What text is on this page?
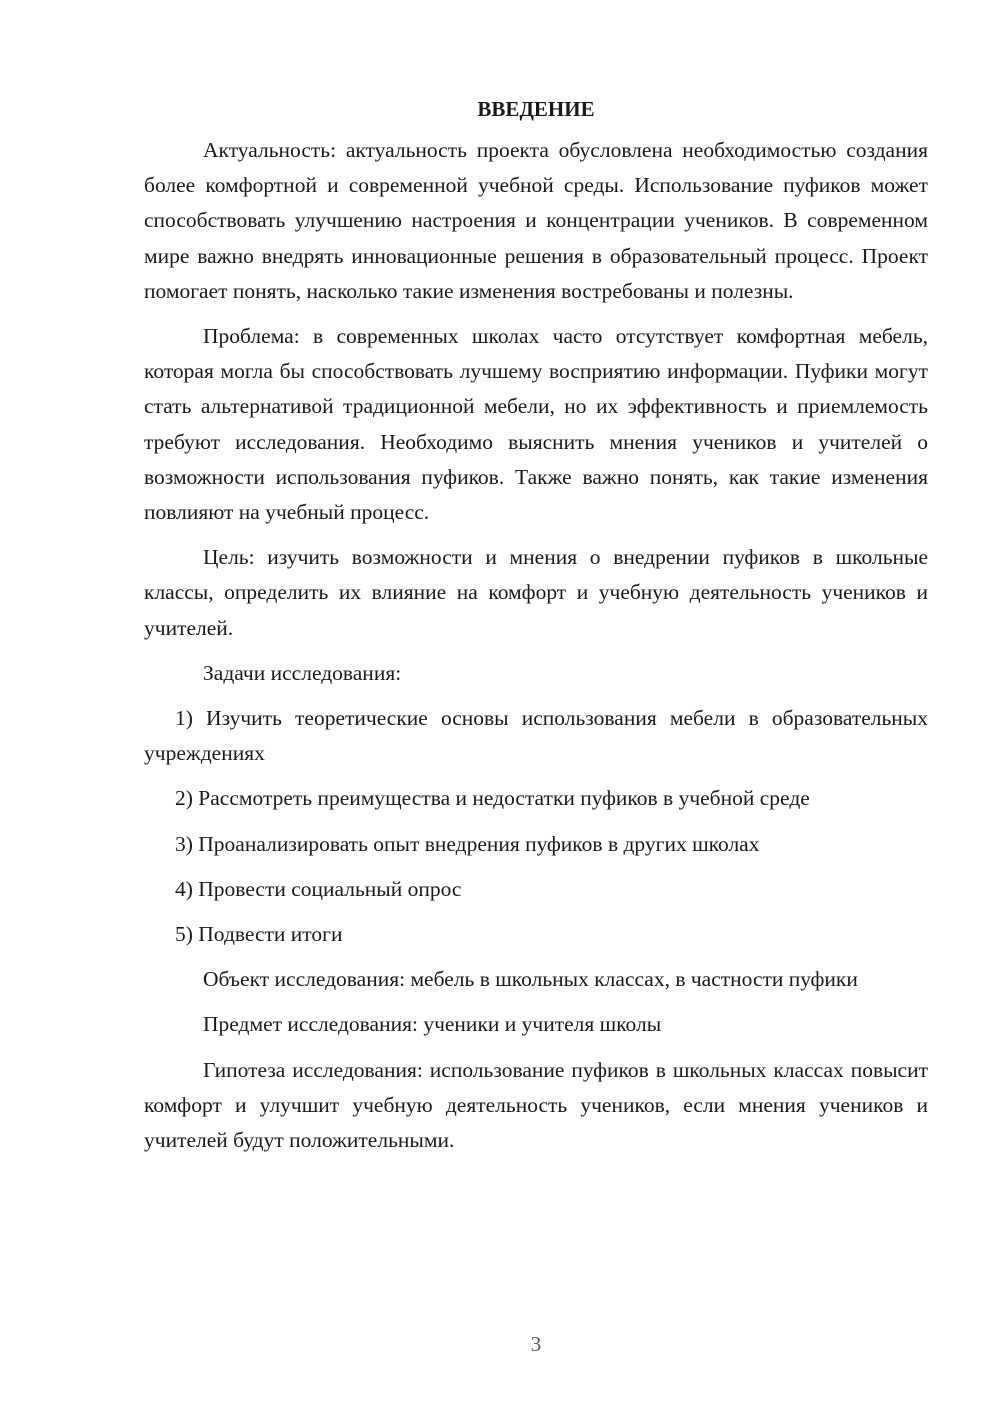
ВВЕДЕНИЕ

Актуальность: актуальность проекта обусловлена необходимостью создания более комфортной и современной учебной среды. Использование пуфиков может способствовать улучшению настроения и концентрации учеников. В современном мире важно внедрять инновационные решения в образовательный процесс. Проект помогает понять, насколько такие изменения востребованы и полезны.

Проблема: в современных школах часто отсутствует комфортная мебель, которая могла бы способствовать лучшему восприятию информации. Пуфики могут стать альтернативой традиционной мебели, но их эффективность и приемлемость требуют исследования. Необходимо выяснить мнения учеников и учителей о возможности использования пуфиков. Также важно понять, как такие изменения повлияют на учебный процесс.

Цель: изучить возможности и мнения о внедрении пуфиков в школьные классы, определить их влияние на комфорт и учебную деятельность учеников и учителей.

Задачи исследования:

1) Изучить теоретические основы использования мебели в образовательных учреждениях

2) Рассмотреть преимущества и недостатки пуфиков в учебной среде

3) Проанализировать опыт внедрения пуфиков в других школах

4) Провести социальный опрос

5) Подвести итоги

Объект исследования: мебель в школьных классах, в частности пуфики

Предмет исследования: ученики и учителя школы

Гипотеза исследования: использование пуфиков в школьных классах повысит комфорт и улучшит учебную деятельность учеников, если мнения учеников и учителей будут положительными.

3
